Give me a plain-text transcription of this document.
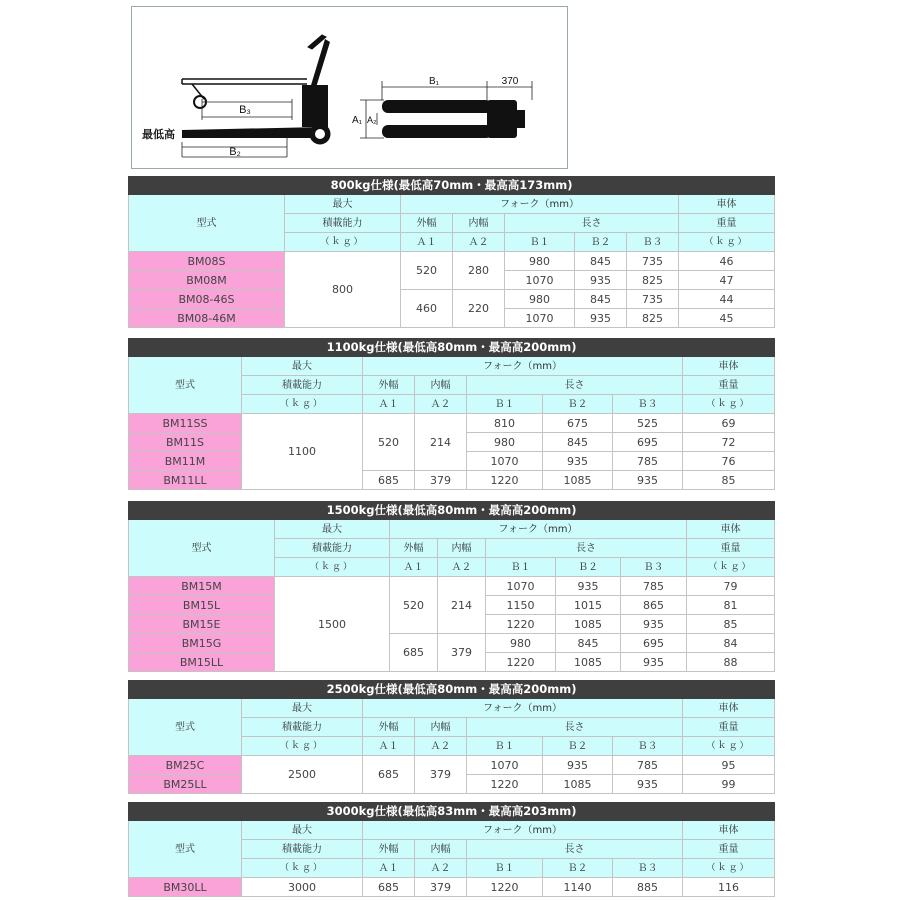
B₃
B₂
最低高
B₁	370
A₁ A₂
800kg仕様(最低高70mm・最高高173mm)							
型式	最大	フォーク（mm）					車体
	積載能力	外幅	内幅	長さ			重量
	（ｋｇ）	Ａ１	Ａ２	Ｂ１	Ｂ２	Ｂ３	（ｋｇ）
BM08S	800	520	280	980	845	735	46
BM08M				1070	935	825	47
BM08-46S		460	220	980	845	735	44
BM08-46M				1070	935	825	45
1100kg仕様(最低高80mm・最高高200mm)							
型式	最大	フォーク（mm）					車体
	積載能力	外幅	内幅	長さ			重量
	（ｋｇ）	Ａ１	Ａ２	Ｂ１	Ｂ２	Ｂ３	（ｋｇ）
BM11SS	1100	520	214	810	675	525	69
BM11S				980	845	695	72
BM11M				1070	935	785	76
BM11LL		685	379	1220	1085	935	85
1500kg仕様(最低高80mm・最高高200mm)							
型式	最大	フォーク（mm）					車体
	積載能力	外幅	内幅	長さ			重量
	（ｋｇ）	Ａ１	Ａ２	Ｂ１	Ｂ２	Ｂ３	（ｋｇ）
BM15M	1500	520	214	1070	935	785	79
BM15L				1150	1015	865	81
BM15E				1220	1085	935	85
BM15G		685	379	980	845	695	84
BM15LL				1220	1085	935	88
2500kg仕様(最低高80mm・最高高200mm)							
型式	最大	フォーク（mm）					車体
	積載能力	外幅	内幅	長さ			重量
	（ｋｇ）	Ａ１	Ａ２	Ｂ１	Ｂ２	Ｂ３	（ｋｇ）
BM25C	2500	685	379	1070	935	785	95
BM25LL				1220	1085	935	99
3000kg仕様(最低高83mm・最高高203mm)							
型式	最大	フォーク（mm）					車体
	積載能力	外幅	内幅	長さ			重量
	（ｋｇ）	Ａ１	Ａ２	Ｂ１	Ｂ２	Ｂ３	（ｋｇ）
BM30LL	3000	685	379	1220	1140	885	116
